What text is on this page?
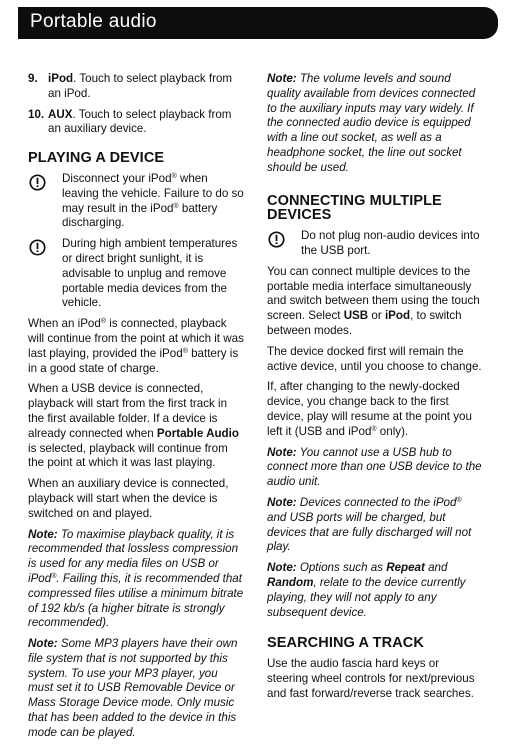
Portable audio
9. iPod. Touch to select playback from an iPod.
10. AUX. Touch to select playback from an auxiliary device.
PLAYING A DEVICE
Disconnect your iPod® when leaving the vehicle. Failure to do so may result in the iPod® battery discharging.
During high ambient temperatures or direct bright sunlight, it is advisable to unplug and remove portable media devices from the vehicle.

When an iPod® is connected, playback will continue from the point at which it was last playing, provided the iPod® battery is in a good state of charge.

When a USB device is connected, playback will start from the first track in the first available folder. If a device is already connected when Portable Audio is selected, playback will continue from the point at which it was last playing.

When an auxiliary device is connected, playback will start when the device is switched on and played.

Note: To maximise playback quality, it is recommended that lossless compression is used for any media files on USB or iPod®. Failing this, it is recommended that compressed files utilise a minimum bitrate of 192 kb/s (a higher bitrate is strongly recommended).

Note: Some MP3 players have their own file system that is not supported by this system. To use your MP3 player, you must set it to USB Removable Device or Mass Storage Device mode. Only music that has been added to the device in this mode can be played.

Note: The volume levels and sound quality available from devices connected to the auxiliary inputs may vary widely. If the connected audio device is equipped with a line out socket, as well as a headphone socket, the line out socket should be used.

CONNECTING MULTIPLE DEVICES
Do not plug non-audio devices into the USB port.

You can connect multiple devices to the portable media interface simultaneously and switch between them using the touch screen. Select USB or iPod, to switch between modes.

The device docked first will remain the active device, until you choose to change.

If, after changing to the newly-docked device, you change back to the first device, play will resume at the point you left it (USB and iPod® only).

Note: You cannot use a USB hub to connect more than one USB device to the audio unit.

Note: Devices connected to the iPod® and USB ports will be charged, but devices that are fully discharged will not play.

Note: Options such as Repeat and Random, relate to the device currently playing, they will not apply to any subsequent device.

SEARCHING A TRACK

Use the audio fascia hard keys or steering wheel controls for next/previous and fast forward/reverse track searches.
